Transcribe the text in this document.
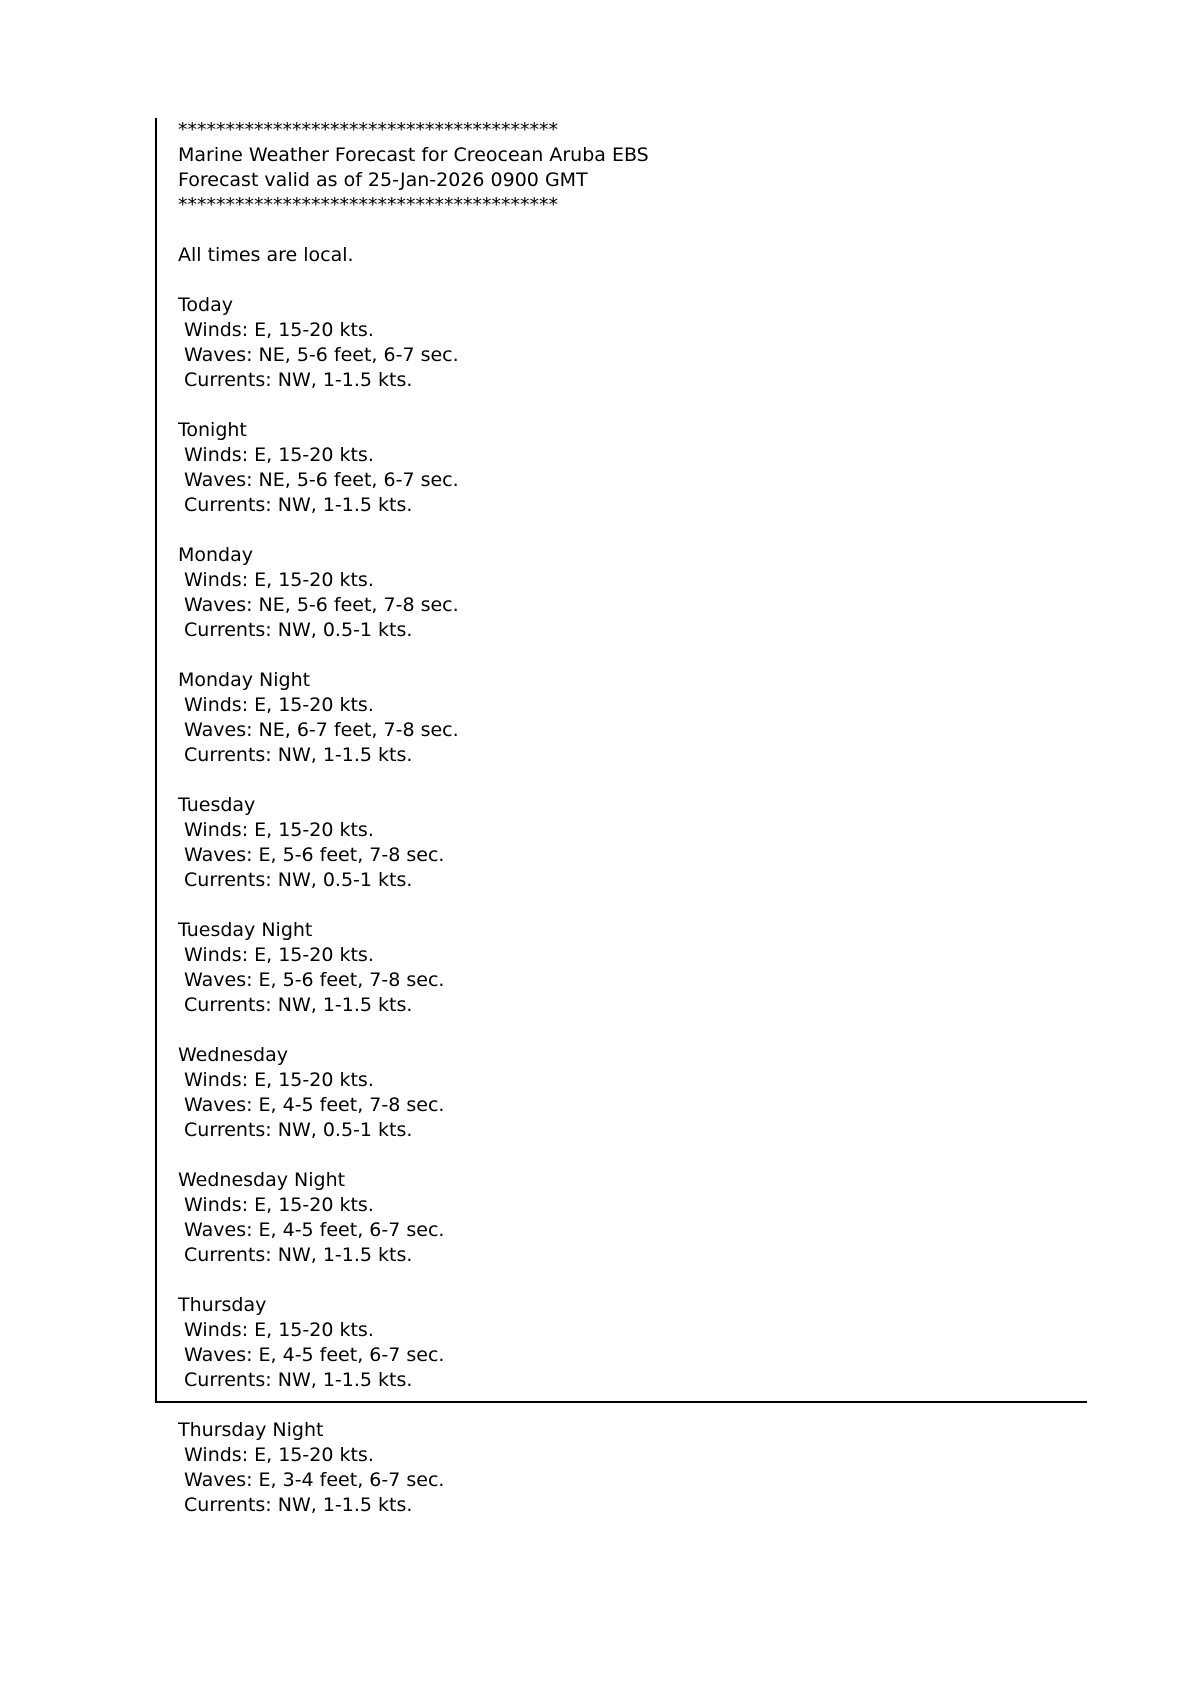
****************************************
Marine Weather Forecast for Creocean Aruba EBS
Forecast valid as of 25-Jan-2026 0900 GMT
****************************************
All times are local.
Today
Winds: E, 15-20 kts.
Waves: NE, 5-6 feet, 6-7 sec.
Currents: NW, 1-1.5 kts.
Tonight
Winds: E, 15-20 kts.
Waves: NE, 5-6 feet, 6-7 sec.
Currents: NW, 1-1.5 kts.
Monday
Winds: E, 15-20 kts.
Waves: NE, 5-6 feet, 7-8 sec.
Currents: NW, 0.5-1 kts.
Monday Night
Winds: E, 15-20 kts.
Waves: NE, 6-7 feet, 7-8 sec.
Currents: NW, 1-1.5 kts.
Tuesday
Winds: E, 15-20 kts.
Waves: E, 5-6 feet, 7-8 sec.
Currents: NW, 0.5-1 kts.
Tuesday Night
Winds: E, 15-20 kts.
Waves: E, 5-6 feet, 7-8 sec.
Currents: NW, 1-1.5 kts.
Wednesday
Winds: E, 15-20 kts.
Waves: E, 4-5 feet, 7-8 sec.
Currents: NW, 0.5-1 kts.
Wednesday Night
Winds: E, 15-20 kts.
Waves: E, 4-5 feet, 6-7 sec.
Currents: NW, 1-1.5 kts.
Thursday
Winds: E, 15-20 kts.
Waves: E, 4-5 feet, 6-7 sec.
Currents: NW, 1-1.5 kts.
Thursday Night
Winds: E, 15-20 kts.
Waves: E, 3-4 feet, 6-7 sec.
Currents: NW, 1-1.5 kts.
